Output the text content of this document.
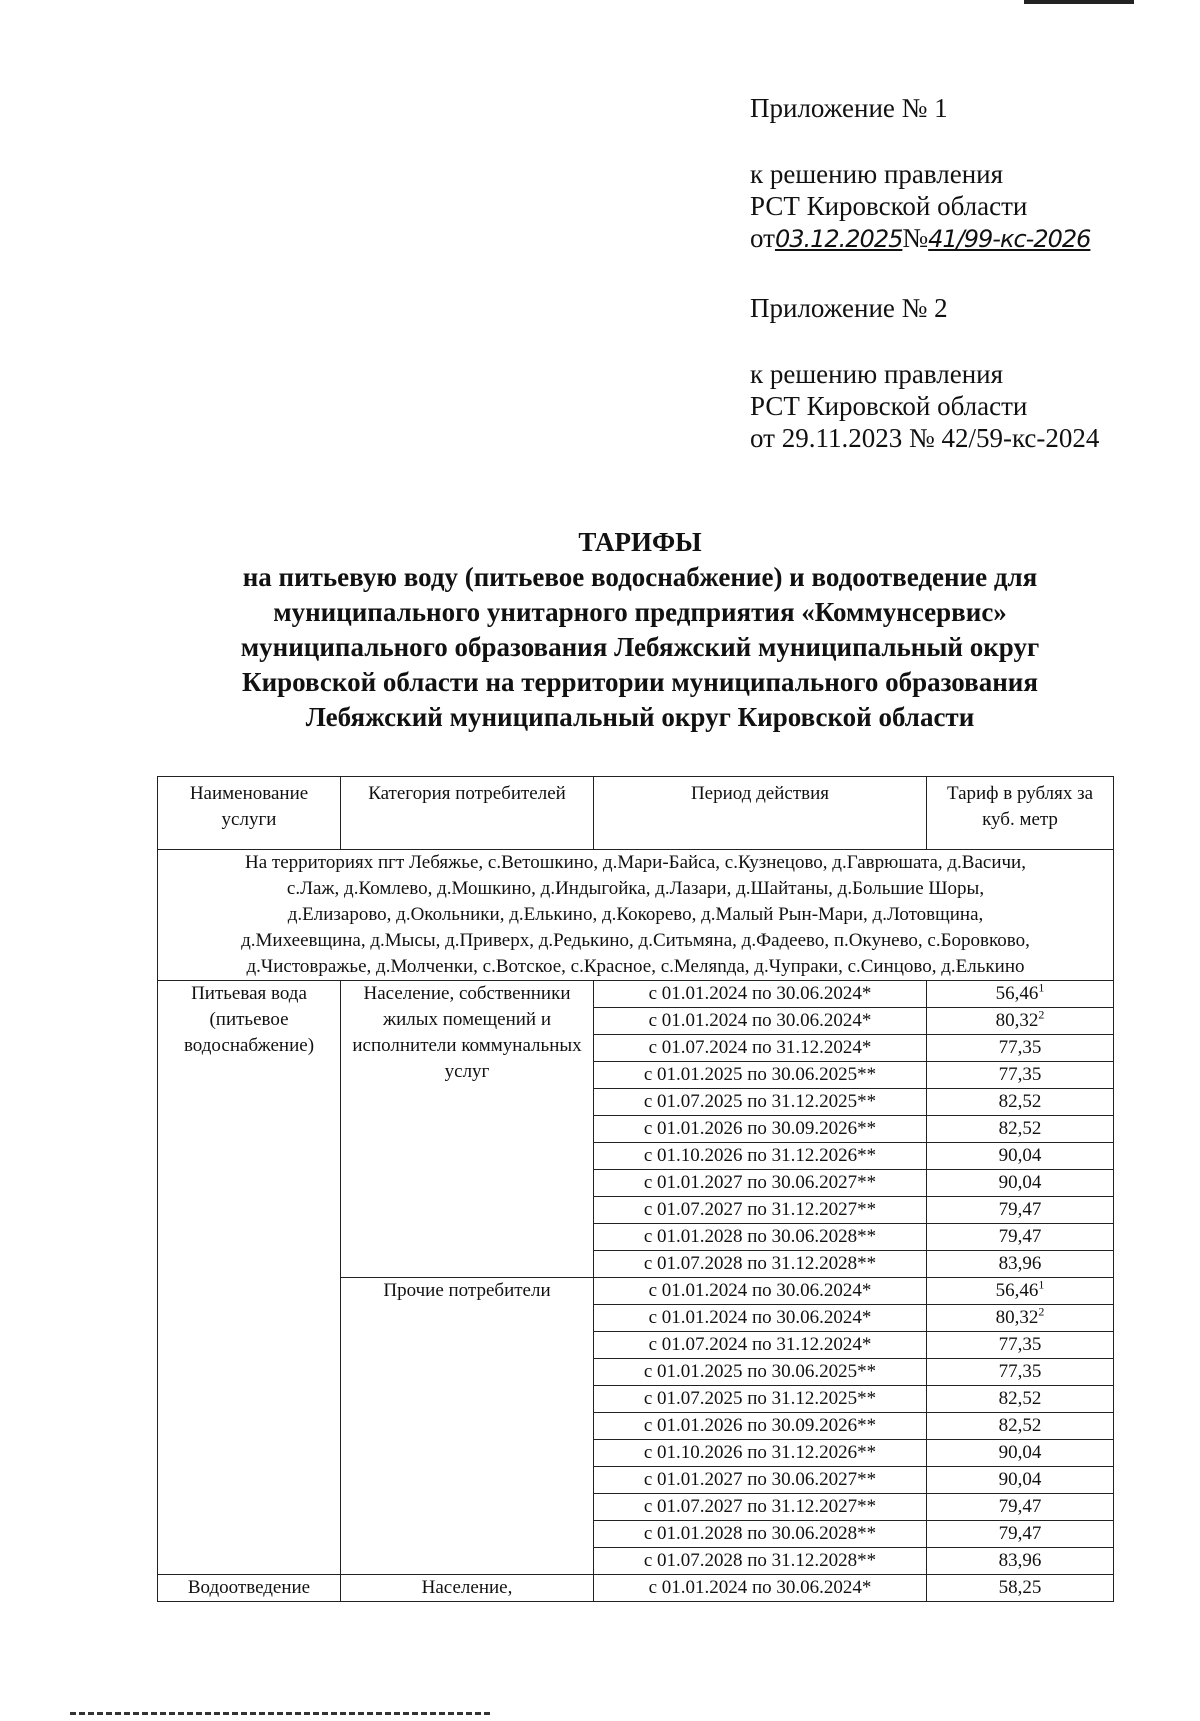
Приложение № 1
к решению правления
РСТ Кировской области
от03.12.2025№41/99-кс-2026
Приложение № 2
к решению правления
РСТ Кировской области
от 29.11.2023 № 42/59-кс-2024
ТАРИФЫ
на питьевую воду (питьевое водоснабжение) и водоотведение для
муниципального унитарного предприятия «Коммунсервис»
муниципального образования Лебяжский муниципальный округ
Кировской области на территории муниципального образования
Лебяжский муниципальный округ Кировской области
Наименование услуги	Категория потребителей	Период действия	Тариф в рублях за куб. метр

На территориях пгт Лебяжье, с.Ветошкино, д.Мари-Байса, с.Кузнецово, д.Гаврюшата, д.Васичи,
с.Лаж, д.Комлево, д.Мошкино, д.Индыгойка, д.Лазари, д.Шайтаны, д.Большие Шоры,
д.Елизарово, д.Окольники, д.Елькино, д.Кокорево, д.Малый Рын-Мари, д.Лотовщина,
д.Михеевщина, д.Мысы, д.Приверх, д.Редькино, д.Ситьмяна, д.Фадеево, п.Окунево, с.Боровково,
д.Чистовражье, д.Молченки, с.Вотское, с.Красное, с.Меляnда, д.Чупраки, с.Синцово, д.Елькино			

Питьевая вода (питьевое водоснабжение)	Население, собственники жилых помещений и исполнители коммунальных услуг	с 01.01.2024 по 30.06.2024*	56,46$^1$
		с 01.01.2024 по 30.06.2024*	80,32$^2$
		с 01.07.2024 по 31.12.2024*	77,35
		с 01.01.2025 по 30.06.2025**	77,35
		с 01.07.2025 по 31.12.2025**	82,52
		с 01.01.2026 по 30.09.2026**	82,52
		с 01.10.2026 по 31.12.2026**	90,04
		с 01.01.2027 по 30.06.2027**	90,04
		с 01.07.2027 по 31.12.2027**	79,47
		с 01.01.2028 по 30.06.2028**	79,47
		с 01.07.2028 по 31.12.2028**	83,96
	Прочие потребители	с 01.01.2024 по 30.06.2024*	56,46$^1$
		с 01.01.2024 по 30.06.2024*	80,32$^2$
		с 01.07.2024 по 31.12.2024*	77,35
		с 01.01.2025 по 30.06.2025**	77,35
		с 01.07.2025 по 31.12.2025**	82,52
		с 01.01.2026 по 30.09.2026**	82,52
		с 01.10.2026 по 31.12.2026**	90,04
		с 01.01.2027 по 30.06.2027**	90,04
		с 01.07.2027 по 31.12.2027**	79,47
		с 01.01.2028 по 30.06.2028**	79,47
		с 01.07.2028 по 31.12.2028**	83,96
Водоотведение	Население,	с 01.01.2024 по 30.06.2024*	58,25
